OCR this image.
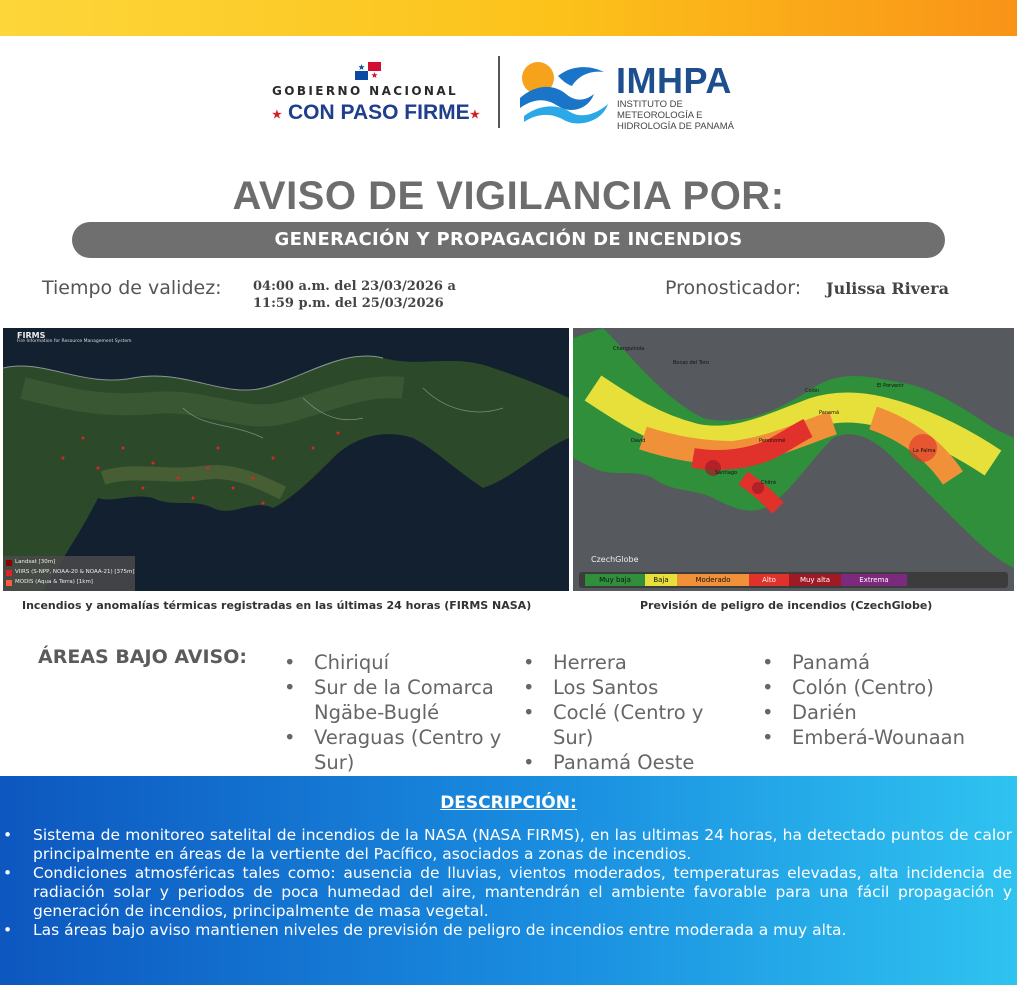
GOBIERNO NACIONAL
★ CON PASO FIRME ★
IMHPA
INSTITUTO DE METEOROLOGÍA E HIDROLOGÍA DE PANAMÁ
AVISO DE VIGILANCIA POR:
GENERACIÓN Y PROPAGACIÓN DE INCENDIOS
Tiempo de validez: 04:00 a.m. del 23/03/2026 a
11:59 p.m. del 25/03/2026
Pronosticador: Julissa Rivera
FIRMS
Fire Information for Resource Management System
Landsat [30m]
VIIRS (S-NPP, NOAA-20 & NOAA-21) [375m]
MODIS (Aqua & Terra) [1km]
Incendios y anomalías térmicas registradas en las últimas 24 horas (FIRMS NASA)
CzechGlobe
Changuinola
Bocas del Toro
David	Penonomé
Santiago
Chitré
Panamá
Colón
El Porvenir
La Palma
Muy baja	Baja	Moderado	Alto	Muy alta	Extrema
Previsión de peligro de incendios (CzechGlobe)
ÁREAS BAJO AVISO:
•	Chiriquí
• Sur de la Comarca Ngäbe-Buglé
• Veraguas (Centro y Sur)
• Herrera
• Los Santos
• Coclé (Centro y Sur)
• Panamá Oeste
• Panamá
• Colón (Centro)
• Darién
• Emberá-Wounaan
DESCRIPCIÓN:
• Sistema de monitoreo satelital de incendios de la NASA (NASA FIRMS), en las ultimas 24 horas, ha detectado puntos de calor principalmente en áreas de la vertiente del Pacífico, asociados a zonas de incendios.
• Condiciones atmosféricas tales como: ausencia de lluvias, vientos moderados, temperaturas elevadas, alta incidencia de radiación solar y periodos de poca humedad del aire, mantendrán el ambiente favorable para una fácil propagación y generación de incendios, principalmente de masa vegetal.
• Las áreas bajo aviso mantienen niveles de previsión de peligro de incendios entre moderada a muy alta.
